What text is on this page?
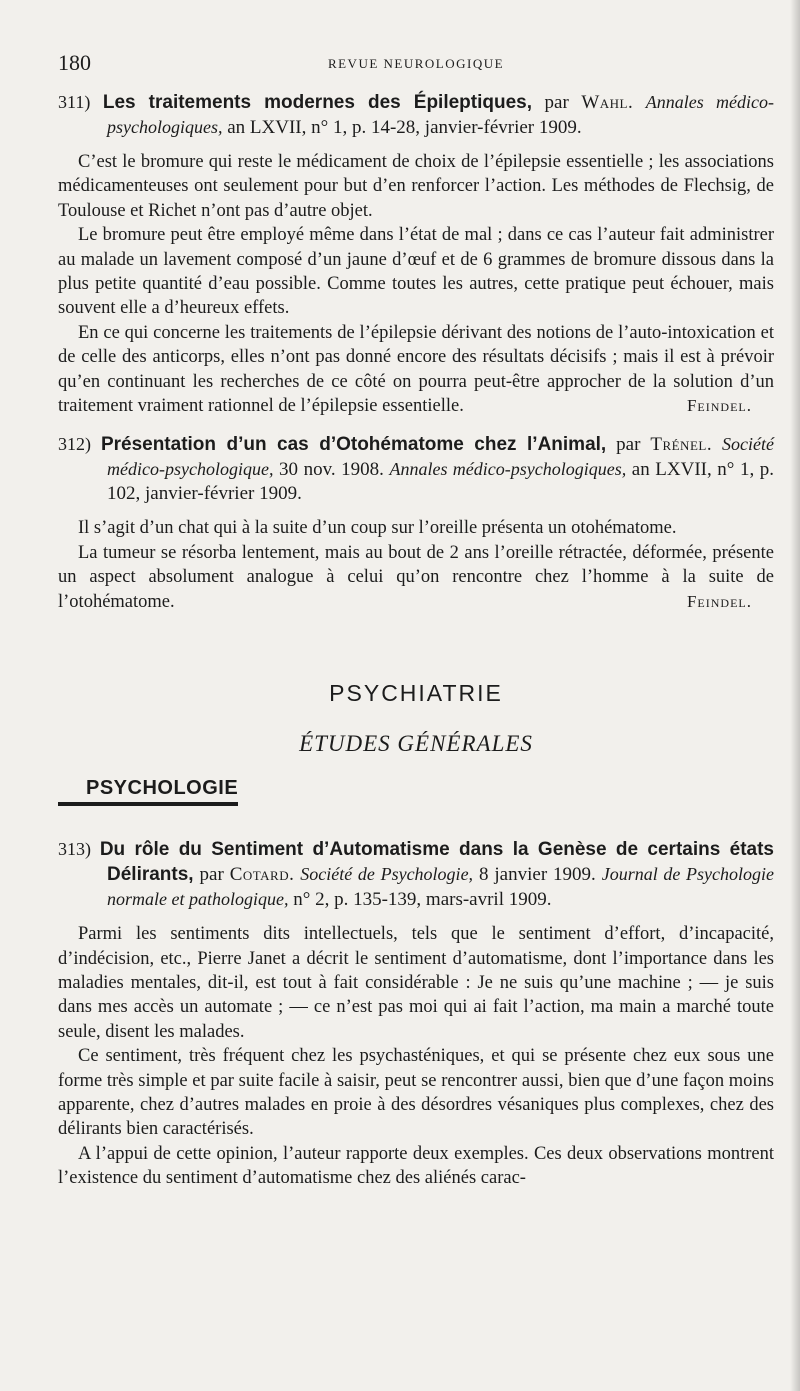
180	REVUE NEUROLOGIQUE

311) Les traitements modernes des Épileptiques, par Wahl. Annales médico-psychologiques, an LXVII, n° 1, p. 14-28, janvier-février 1909.

C’est le bromure qui reste le médicament de choix de l’épilepsie essentielle ; les associations médicamenteuses ont seulement pour but d’en renforcer l’action. Les méthodes de Flechsig, de Toulouse et Richet n’ont pas d’autre objet.

Le bromure peut être employé même dans l’état de mal ; dans ce cas l’auteur fait administrer au malade un lavement composé d’un jaune d’œuf et de 6 grammes de bromure dissous dans la plus petite quantité d’eau possible. Comme toutes les autres, cette pratique peut échouer, mais souvent elle a d’heureux effets.

En ce qui concerne les traitements de l’épilepsie dérivant des notions de l’auto-intoxication et de celle des anticorps, elles n’ont pas donné encore des résultats décisifs ; mais il est à prévoir qu’en continuant les recherches de ce côté on pourra peut-être approcher de la solution d’un traitement vraiment rationnel de l’épilepsie essentielle.	Feindel.

312) Présentation d’un cas d’Otohématome chez l’Animal, par Trénel. Société médico-psychologique, 30 nov. 1908. Annales médico-psychologiques, an LXVII, n° 1, p. 102, janvier-février 1909.

Il s’agit d’un chat qui à la suite d’un coup sur l’oreille présenta un otohématome.

La tumeur se résorba lentement, mais au bout de 2 ans l’oreille rétractée, déformée, présente un aspect absolument analogue à celui qu’on rencontre chez l’homme à la suite de l’otohématome.	Feindel.

PSYCHIATRIE
ÉTUDES GÉNÉRALES
PSYCHOLOGIE

313) Du rôle du Sentiment d’Automatisme dans la Genèse de certains états Délirants, par Cotard. Société de Psychologie, 8 janvier 1909. Journal de Psychologie normale et pathologique, n° 2, p. 135-139, mars-avril 1909.

Parmi les sentiments dits intellectuels, tels que le sentiment d’effort, d’incapacité, d’indécision, etc., Pierre Janet a décrit le sentiment d’automatisme, dont l’importance dans les maladies mentales, dit-il, est tout à fait considérable : Je ne suis qu’une machine ; — je suis dans mes accès un automate ; — ce n’est pas moi qui ai fait l’action, ma main a marché toute seule, disent les malades.

Ce sentiment, très fréquent chez les psychasténiques, et qui se présente chez eux sous une forme très simple et par suite facile à saisir, peut se rencontrer aussi, bien que d’une façon moins apparente, chez d’autres malades en proie à des désordres vésaniques plus complexes, chez des délirants bien caractérisés.

A l’appui de cette opinion, l’auteur rapporte deux exemples. Ces deux observations montrent l’existence du sentiment d’automatisme chez des aliénés carac-
